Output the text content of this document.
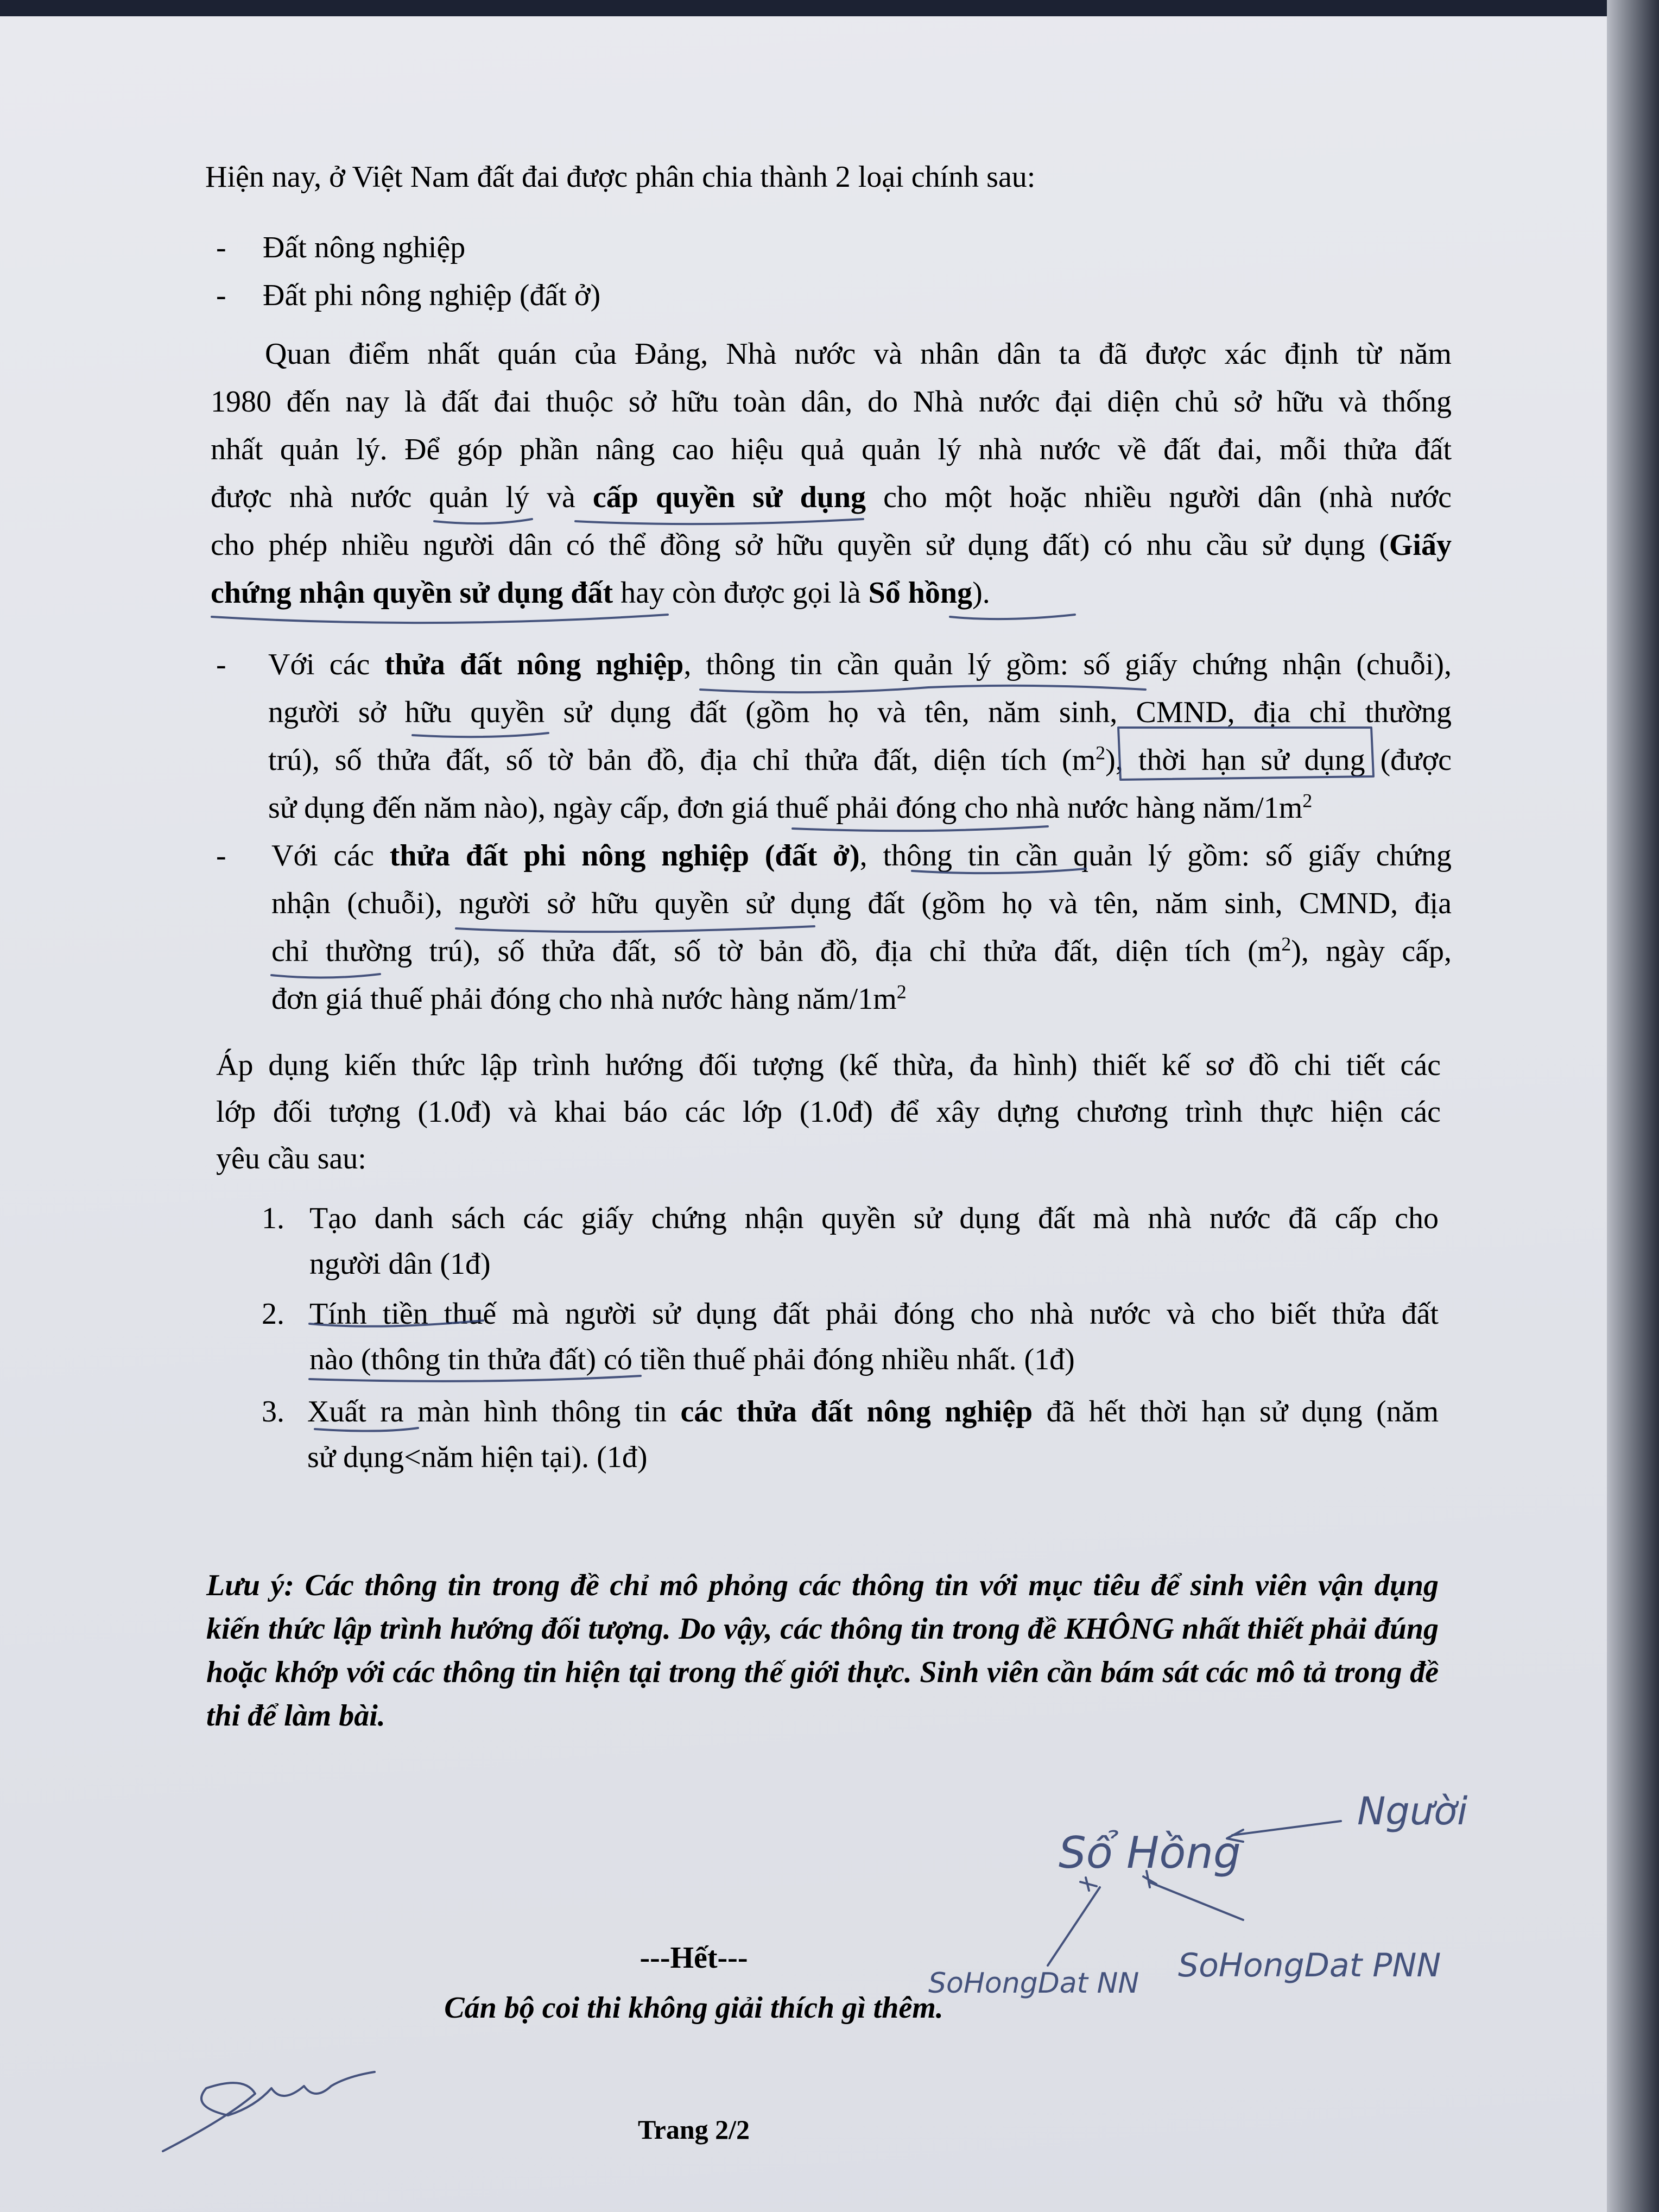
Hiện nay, ở Việt Nam đất đai được phân chia thành 2 loại chính sau:

- Đất nông nghiệp

- Đất phi nông nghiệp (đất ở)

Quan điểm nhất quán của Đảng, Nhà nước và nhân dân ta đã được xác định từ năm

1980 đến nay là đất đai thuộc sở hữu toàn dân, do Nhà nước đại diện chủ sở hữu và thống

nhất quản lý. Để góp phần nâng cao hiệu quả quản lý nhà nước về đất đai, mỗi thửa đất

được nhà nước quản lý và cấp quyền sử dụng cho một hoặc nhiều người dân (nhà nước

cho phép nhiều người dân có thể đồng sở hữu quyền sử dụng đất) có nhu cầu sử dụng (Giấy

chứng nhận quyền sử dụng đất hay còn được gọi là Sổ hồng).

- Với các thửa đất nông nghiệp, thông tin cần quản lý gồm: số giấy chứng nhận (chuỗi),

người sở hữu quyền sử dụng đất (gồm họ và tên, năm sinh, CMND, địa chỉ thường

trú), số thửa đất, số tờ bản đồ, địa chỉ thửa đất, diện tích $(m^2)$, thời hạn sử dụng (được

sử dụng đến năm nào), ngày cấp, đơn giá thuế phải đóng cho nhà nước hàng năm/$1m^2$

- Với các thửa đất phi nông nghiệp (đất ở), thông tin cần quản lý gồm: số giấy chứng

nhận (chuỗi), người sở hữu quyền sử dụng đất (gồm họ và tên, năm sinh, CMND, địa

chỉ thường trú), số thửa đất, số tờ bản đồ, địa chỉ thửa đất, diện tích $(m^2)$, ngày cấp,

đơn giá thuế phải đóng cho nhà nước hàng năm/$1m^2$

Áp dụng kiến thức lập trình hướng đối tượng (kế thừa, đa hình) thiết kế sơ đồ chi tiết các

lớp đối tượng (1.0đ) và khai báo các lớp (1.0đ) để xây dựng chương trình thực hiện các

yêu cầu sau:

1. Tạo danh sách các giấy chứng nhận quyền sử dụng đất mà nhà nước đã cấp cho

người dân (1đ)

2. Tính tiền thuế mà người sử dụng đất phải đóng cho nhà nước và cho biết thửa đất

nào (thông tin thửa đất) có tiền thuế phải đóng nhiều nhất. (1đ)

3. Xuất ra màn hình thông tin các thửa đất nông nghiệp đã hết thời hạn sử dụng (năm

sử dụng<năm hiện tại). (1đ)

Lưu ý: Các thông tin trong đề chỉ mô phỏng các thông tin với mục tiêu để sinh viên vận dụng kiến thức lập trình hướng đối tượng. Do vậy, các thông tin trong đề KHÔNG nhất thiết phải đúng hoặc khớp với các thông tin hiện tại trong thế giới thực. Sinh viên cần bám sát các mô tả trong đề thi để làm bài.

---Hết---
Cán bộ coi thi không giải thích gì thêm.
Trang 2/2
Sổ Hồng
Người
SoHongDat NN SoHongDat PNN
